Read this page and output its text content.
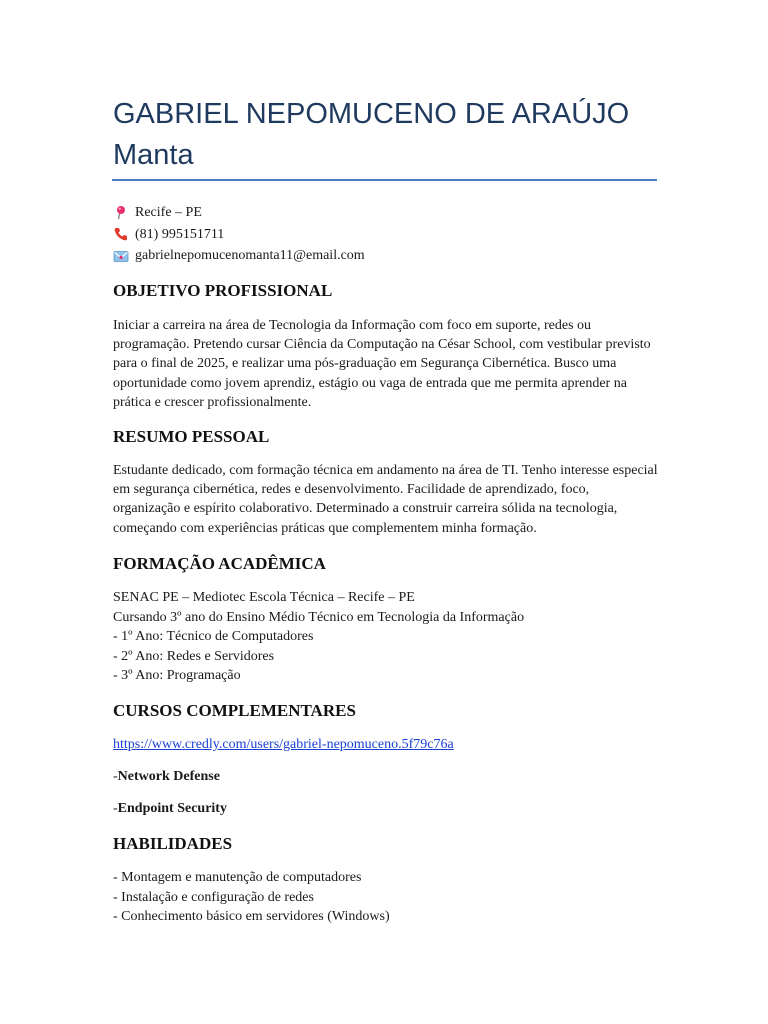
GABRIEL NEPOMUCENO DE ARAÚJO Manta
Recife – PE
(81) 995151711
gabrielnepomucenomanta11@email.com
OBJETIVO PROFISSIONAL

Iniciar a carreira na área de Tecnologia da Informação com foco em suporte, redes ou programação. Pretendo cursar Ciência da Computação na César School, com vestibular previsto para o final de 2025, e realizar uma pós-graduação em Segurança Cibernética. Busco uma oportunidade como jovem aprendiz, estágio ou vaga de entrada que me permita aprender na prática e crescer profissionalmente.

RESUMO PESSOAL

Estudante dedicado, com formação técnica em andamento na área de TI. Tenho interesse especial em segurança cibernética, redes e desenvolvimento. Facilidade de aprendizado, foco, organização e espírito colaborativo. Determinado a construir carreira sólida na tecnologia, começando com experiências práticas que complementem minha formação.

FORMAÇÃO ACADÊMICA
SENAC PE – Mediotec Escola Técnica – Recife – PE
Cursando 3º ano do Ensino Médio Técnico em Tecnologia da Informação
- 1º Ano: Técnico de Computadores
- 2º Ano: Redes e Servidores
- 3º Ano: Programação
CURSOS COMPLEMENTARES
https://www.credly.com/users/gabriel-nepomuceno.5f79c76a
-Network Defense
-Endpoint Security
HABILIDADES
- Montagem e manutenção de computadores
- Instalação e configuração de redes
- Conhecimento básico em servidores (Windows)
